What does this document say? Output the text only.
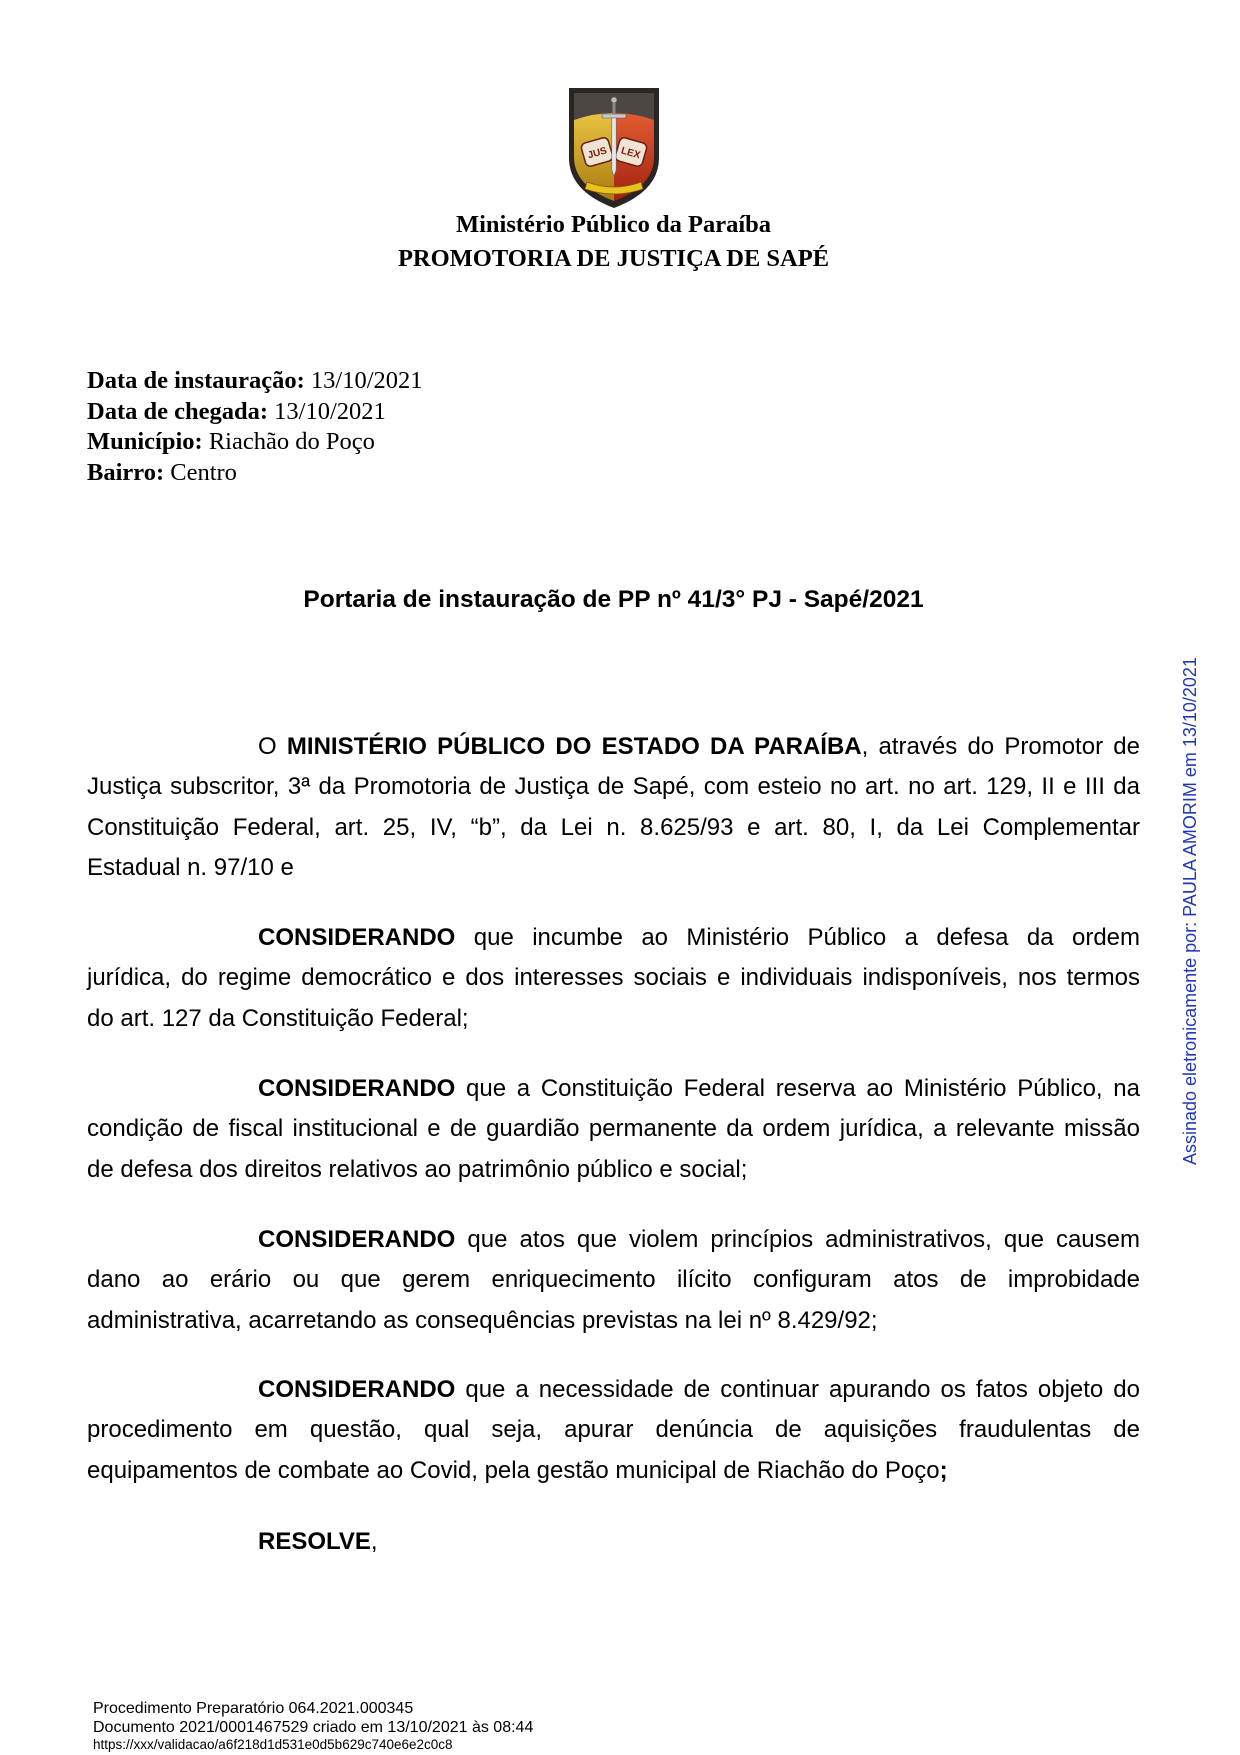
JUS LEX
Ministério Público da Paraíba
PROMOTORIA DE JUSTIÇA DE SAPÉ
Data de instauração: 13/10/2021
Data de chegada: 13/10/2021
Município: Riachão do Poço
Bairro: Centro
Portaria de instauração de PP nº 41/3° PJ - Sapé/2021
O MINISTÉRIO PÚBLICO DO ESTADO DA PARAÍBA, através do Promotor de
Justiça subscritor, 3ª da Promotoria de Justiça de Sapé, com esteio no art. no art. 129, II e III da
Constituição Federal, art. 25, IV, “b”, da Lei n. 8.625/93 e art. 80, I, da Lei Complementar
Estadual n. 97/10 e
CONSIDERANDO que incumbe ao Ministério Público a defesa da ordem
jurídica, do regime democrático e dos interesses sociais e individuais indisponíveis, nos termos
do art. 127 da Constituição Federal;
CONSIDERANDO que a Constituição Federal reserva ao Ministério Público, na
condição de fiscal institucional e de guardião permanente da ordem jurídica, a relevante missão
de defesa dos direitos relativos ao patrimônio público e social;
CONSIDERANDO que atos que violem princípios administrativos, que causem
dano ao erário ou que gerem enriquecimento ilícito configuram atos de improbidade
administrativa, acarretando as consequências previstas na lei nº 8.429/92;
CONSIDERANDO que a necessidade de continuar apurando os fatos objeto do
procedimento em questão, qual seja, apurar denúncia de aquisições fraudulentas de
equipamentos de combate ao Covid, pela gestão municipal de Riachão do Poço;
RESOLVE,
Procedimento Preparatório 064.2021.000345
Documento 2021/0001467529 criado em 13/10/2021 às 08:44
https://xxx/validacao/a6f218d1d531e0d5b629c740e6e2c0c8
Assinado eletronicamente por: PAULA AMORIM em 13/10/2021
